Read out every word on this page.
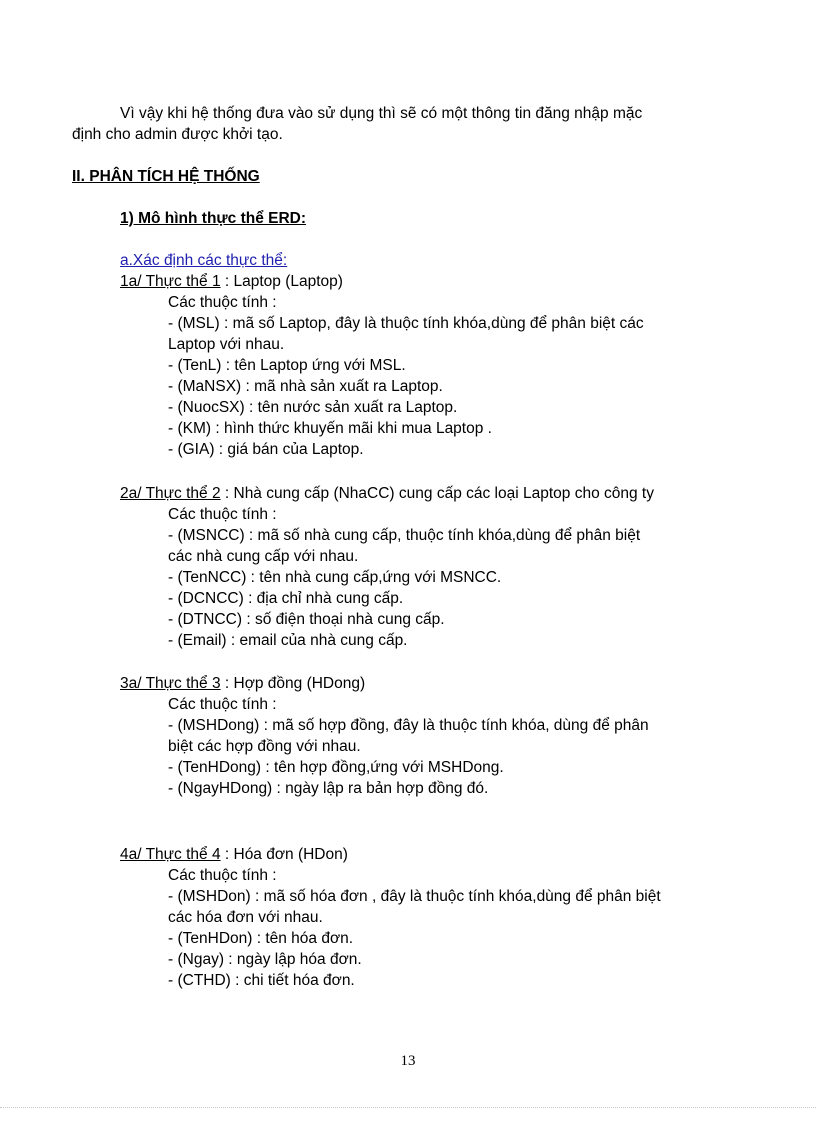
Vì vậy khi hệ thống đưa vào sử dụng thì sẽ có một thông tin đăng nhập mặc
định cho admin được khởi tạo.
II. PHÂN TÍCH HỆ THỐNG
1) Mô hình thực thể ERD:
a.Xác định các thực thể:
1a/ Thực thể 1 : Laptop (Laptop)
Các thuộc tính :
- (MSL) : mã số Laptop, đây là thuộc tính khóa,dùng để phân biệt các
Laptop với nhau.
- (TenL) : tên Laptop ứng với MSL.
- (MaNSX) : mã nhà sản xuất ra Laptop.
- (NuocSX) : tên nước sản xuất ra Laptop.
- (KM) : hình thức khuyến mãi khi mua Laptop .
- (GIA) : giá bán của Laptop.
2a/ Thực thể 2 : Nhà cung cấp (NhaCC) cung cấp các loại Laptop cho công ty
Các thuộc tính :
- (MSNCC) : mã số nhà cung cấp, thuộc tính khóa,dùng để phân biệt
các nhà cung cấp với nhau.
- (TenNCC) : tên nhà cung cấp,ứng với MSNCC.
- (DCNCC) : địa chỉ nhà cung cấp.
- (DTNCC) : số điện thoại nhà cung cấp.
- (Email) : email của nhà cung cấp.
3a/ Thực thể 3 : Hợp đồng (HDong)
Các thuộc tính :
- (MSHDong) : mã số hợp đồng, đây là thuộc tính khóa, dùng để phân
biệt các hợp đồng với nhau.
- (TenHDong) : tên hợp đồng,ứng với MSHDong.
- (NgayHDong) : ngày lập ra bản hợp đồng đó.
4a/ Thực thể 4 : Hóa đơn (HDon)
Các thuộc tính :
- (MSHDon) : mã số hóa đơn , đây là thuộc tính khóa,dùng để phân biệt
các hóa đơn với nhau.
- (TenHDon) : tên hóa đơn.
- (Ngay) : ngày lập hóa đơn.
- (CTHD) : chi tiết hóa đơn.
13
